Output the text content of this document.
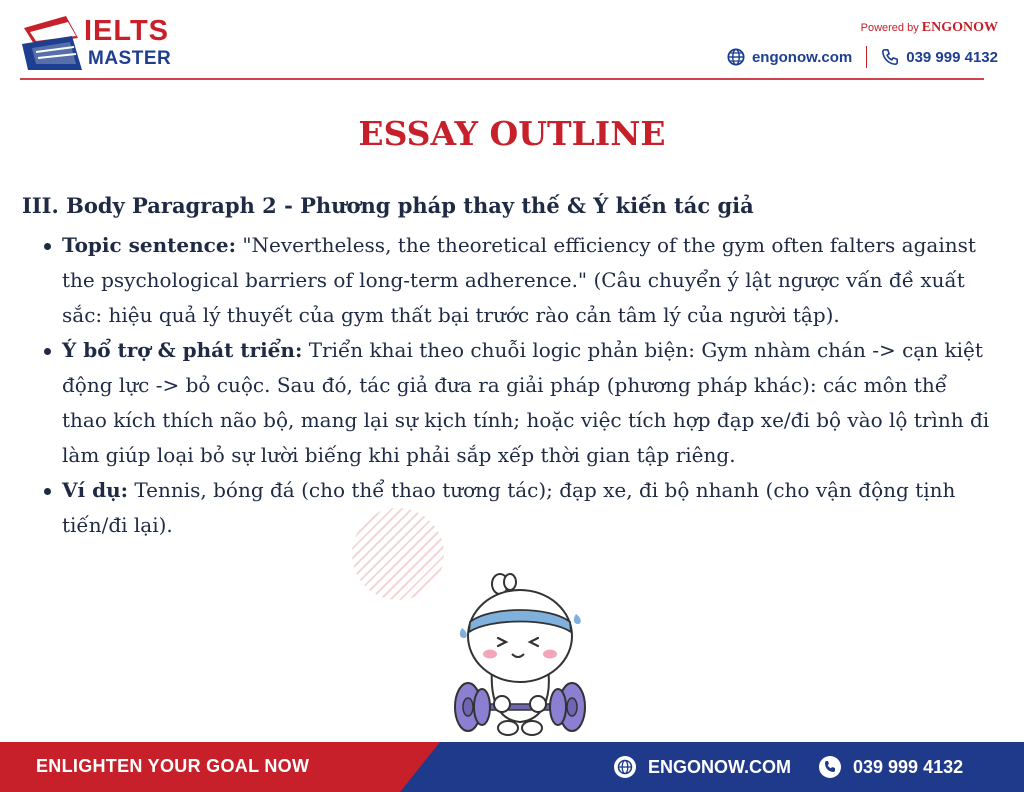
IELTS
MASTER
Powered by ENGONOW
engonow.com	039 999 4132
ESSAY OUTLINE
III. Body Paragraph 2 - Phương pháp thay thế & Ý kiến tác giả
Topic sentence: "Nevertheless, the theoretical efficiency of the gym often falters against the psychological barriers of long-term adherence." (Câu chuyển ý lật ngược vấn đề xuất sắc: hiệu quả lý thuyết của gym thất bại trước rào cản tâm lý của người tập).
Ý bổ trợ & phát triển: Triển khai theo chuỗi logic phản biện: Gym nhàm chán -> cạn kiệt động lực -> bỏ cuộc. Sau đó, tác giả đưa ra giải pháp (phương pháp khác): các môn thể thao kích thích não bộ, mang lại sự kịch tính; hoặc việc tích hợp đạp xe/đi bộ vào lộ trình đi làm giúp loại bỏ sự lười biếng khi phải sắp xếp thời gian tập riêng.
Ví dụ: Tennis, bóng đá (cho thể thao tương tác); đạp xe, đi bộ nhanh (cho vận động tịnh tiến/đi lại).
ENLIGHTEN YOUR GOAL NOW	ENGONOW.COM	039 999 4132
